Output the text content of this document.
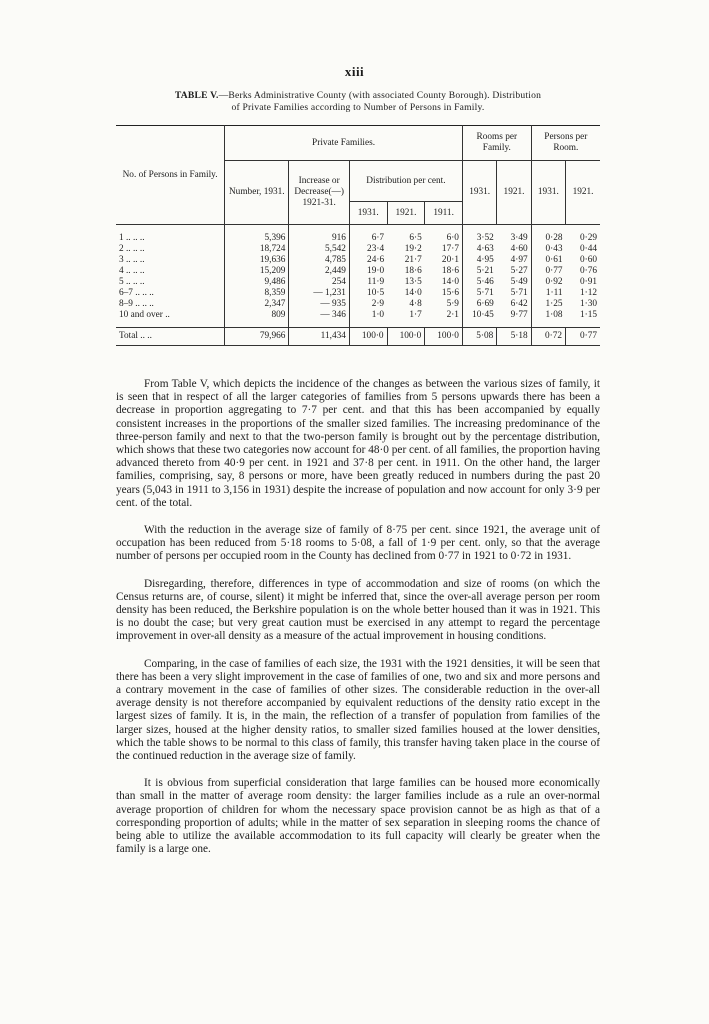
xiii
TABLE V.—Berks Administrative County (with associated County Borough). Distribution
of Private Families according to Number of Persons in Family.
No. of Persons in Family.	Private Families.					Rooms per Family.		Persons per Room.	
	Number, 1931.	Increase or Decrease(—) 1921-31.	Distribution per cent.			1931.	1921.	1931.	1921.
			1931.	1921.	1911.				
1 .. .. ..	5,396	916	6·7	6·5	6·0	3·52	3·49	0·28	0·29
2 .. .. ..	18,724	5,542	23·4	19·2	17·7	4·63	4·60	0·43	0·44
3 .. .. ..	19,636	4,785	24·6	21·7	20·1	4·95	4·97	0·61	0·60
4 .. .. ..	15,209	2,449	19·0	18·6	18·6	5·21	5·27	0·77	0·76
5 .. .. ..	9,486	254	11·9	13·5	14·0	5·46	5·49	0·92	0·91
6–7 .. .. ..	8,359	— 1,231	10·5	14·0	15·6	5·71	5·71	1·11	1·12
8–9 .. .. ..	2,347	— 935	2·9	4·8	5·9	6·69	6·42	1·25	1·30
10 and over ..	809	— 346	1·0	1·7	2·1	10·45	9·77	1·08	1·15
Total .. ..	79,966	11,434	100·0	100·0	100·0	5·08	5·18	0·72	0·77

From Table V, which depicts the incidence of the changes as between the various sizes of family, it is seen that in respect of all the larger categories of families from 5 persons upwards there has been a decrease in proportion aggregating to 7·7 per cent. and that this has been accompanied by equally consistent increases in the proportions of the smaller sized families. The increasing predominance of the three-person family and next to that the two-person family is brought out by the percentage distribution, which shows that these two categories now account for 48·0 per cent. of all families, the proportion having advanced thereto from 40·9 per cent. in 1921 and 37·8 per cent. in 1911. On the other hand, the larger families, comprising, say, 8 persons or more, have been greatly reduced in numbers during the past 20 years (5,043 in 1911 to 3,156 in 1931) despite the increase of population and now account for only 3·9 per cent. of the total.

With the reduction in the average size of family of 8·75 per cent. since 1921, the average unit of occupation has been reduced from 5·18 rooms to 5·08, a fall of 1·9 per cent. only, so that the average number of persons per occupied room in the County has declined from 0·77 in 1921 to 0·72 in 1931.

Disregarding, therefore, differences in type of accommodation and size of rooms (on which the Census returns are, of course, silent) it might be inferred that, since the over-all average person per room density has been reduced, the Berkshire population is on the whole better housed than it was in 1921. This is no doubt the case; but very great caution must be exercised in any attempt to regard the percentage improvement in over-all density as a measure of the actual improvement in housing conditions.

Comparing, in the case of families of each size, the 1931 with the 1921 densities, it will be seen that there has been a very slight improvement in the case of families of one, two and six and more persons and a contrary movement in the case of families of other sizes. The considerable reduction in the over-all average density is not therefore accompanied by equivalent reductions of the density ratio except in the largest sizes of family. It is, in the main, the reflection of a transfer of population from families of the larger sizes, housed at the higher density ratios, to smaller sized families housed at the lower densities, which the table shows to be normal to this class of family, this transfer having taken place in the course of the continued reduction in the average size of family.

It is obvious from superficial consideration that large families can be housed more economically than small in the matter of average room density: the larger families include as a rule an over-normal average proportion of children for whom the necessary space provision cannot be as high as that of a corresponding proportion of adults; while in the matter of sex separation in sleeping rooms the chance of being able to utilize the available accommodation to its full capacity will clearly be greater when the family is a large one.
